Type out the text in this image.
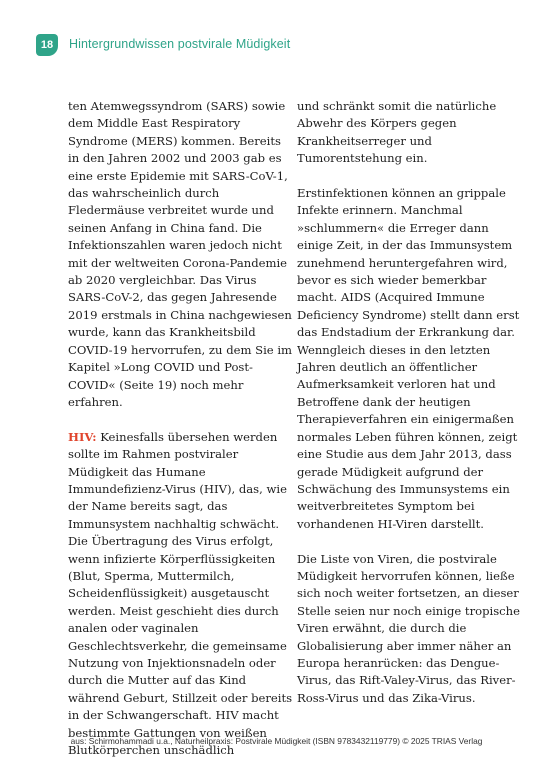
18	Hintergrundwissen postvirale Müdigkeit

ten Atemwegssyndrom (SARS) sowie dem Middle East Respiratory Syndrome (MERS) kommen. Bereits in den Jahren 2002 und 2003 gab es eine erste Epidemie mit SARS-CoV-1, das wahrscheinlich durch Fledermäuse verbreitet wurde und seinen Anfang in China fand. Die Infektionszahlen waren jedoch nicht mit der weltweiten Corona-Pandemie ab 2020 vergleichbar. Das Virus SARS-CoV-2, das gegen Jahresende 2019 erstmals in China nachgewiesen wurde, kann das Krankheitsbild COVID-19 hervorrufen, zu dem Sie im Kapitel »Long COVID und Post-COVID« (Seite 19) noch mehr erfahren.

HIV: Keinesfalls übersehen werden sollte im Rahmen postviraler Müdigkeit das Humane Immundefizienz-Virus (HIV), das, wie der Name bereits sagt, das Immunsystem nachhaltig schwächt. Die Übertragung des Virus erfolgt, wenn infizierte Körperflüssigkeiten (Blut, Sperma, Muttermilch, Scheidenflüssigkeit) ausgetauscht werden. Meist geschieht dies durch analen oder vaginalen Geschlechtsverkehr, die gemeinsame Nutzung von Injektionsnadeln oder durch die Mutter auf das Kind während Geburt, Stillzeit oder bereits in der Schwangerschaft. HIV macht bestimmte Gattungen von weißen Blutkörperchen unschädlich

und schränkt somit die natürliche Abwehr des Körpers gegen Krankheitserreger und Tumorentstehung ein.

Erstinfektionen können an grippale Infekte erinnern. Manchmal »schlummern« die Erreger dann einige Zeit, in der das Immunsystem zunehmend heruntergefahren wird, bevor es sich wieder bemerkbar macht. AIDS (Acquired Immune Deficiency Syndrome) stellt dann erst das Endstadium der Erkrankung dar. Wenngleich dieses in den letzten Jahren deutlich an öffentlicher Aufmerksamkeit verloren hat und Betroffene dank der heutigen Therapieverfahren ein einigermaßen normales Leben führen können, zeigt eine Studie aus dem Jahr 2013, dass gerade Müdigkeit aufgrund der Schwächung des Immunsystems ein weitverbreitetes Symptom bei vorhandenen HI-Viren darstellt.

Die Liste von Viren, die postvirale Müdigkeit hervorrufen können, ließe sich noch weiter fortsetzen, an dieser Stelle seien nur noch einige tropische Viren erwähnt, die durch die Globalisierung aber immer näher an Europa heranrücken: das Dengue-Virus, das Rift-Valey-Virus, das River-Ross-Virus und das Zika-Virus.

aus: Schirmohammadi u.a., Naturheilpraxis: Postvirale Müdigkeit (ISBN 9783432119779) © 2025 TRIAS Verlag
